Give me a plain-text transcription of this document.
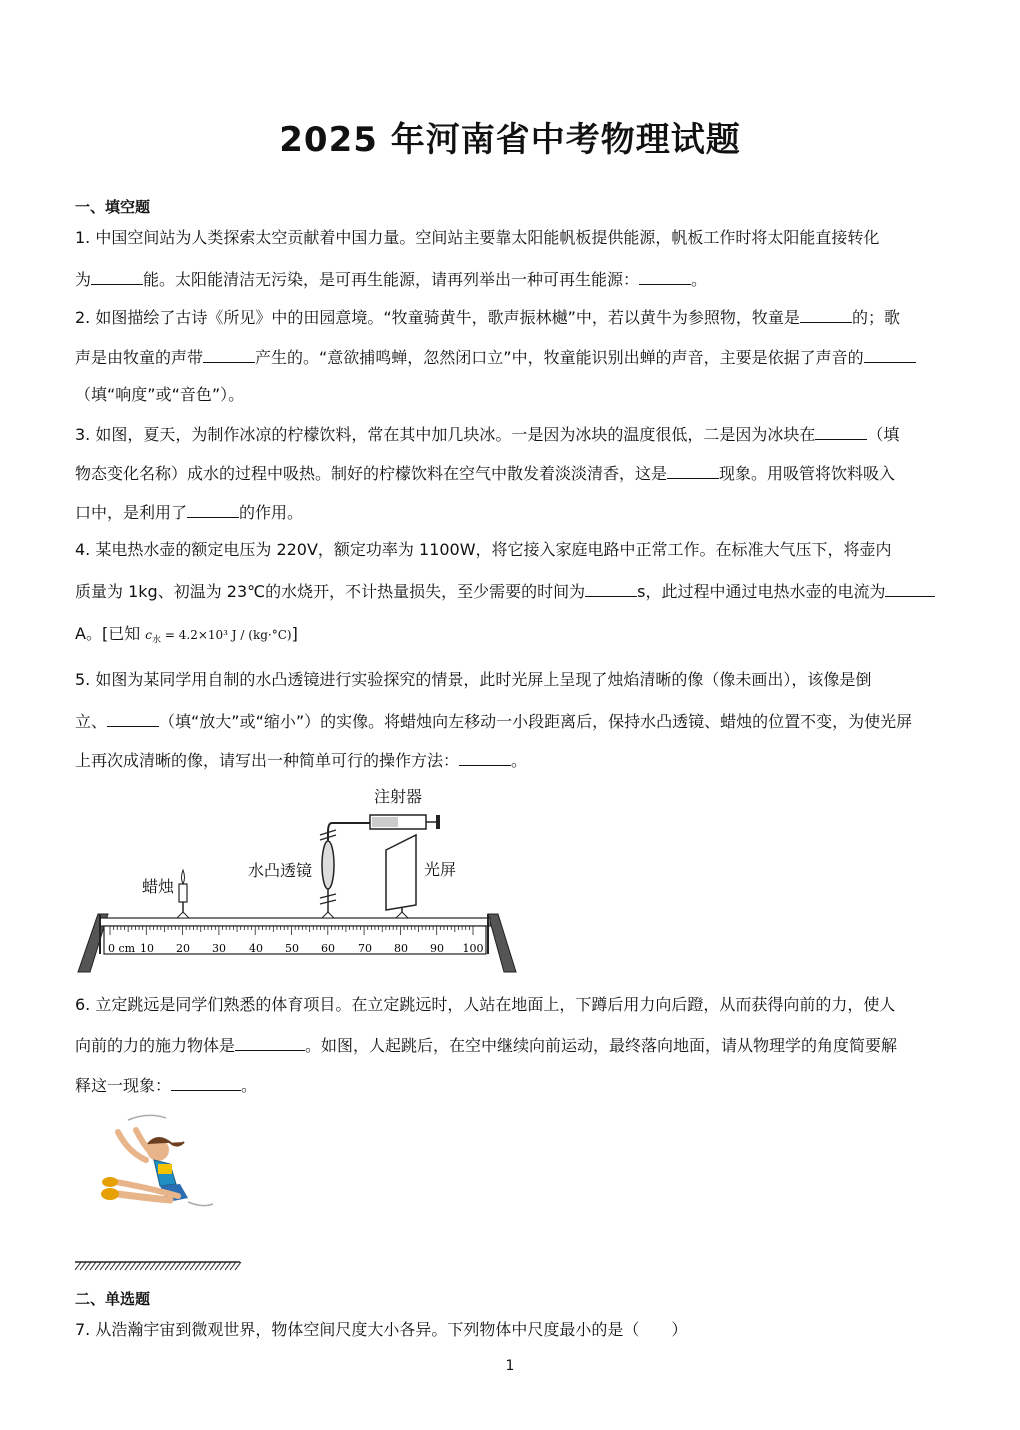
2025 年河南省中考物理试题
一、填空题
1. 中国空间站为人类探索太空贡献着中国力量。空间站主要靠太阳能帆板提供能源，帆板工作时将太阳能直接转化
为	能。太阳能清洁无污染，是可再生能源，请再列举出一种可再生能源：	。
2. 如图描绘了古诗《所见》中的田园意境。“牧童骑黄牛，歌声振林樾”中，若以黄牛为参照物，牧童是	的；歌
声是由牧童的声带	产生的。“意欲捕鸣蝉，忽然闭口立”中，牧童能识别出蝉的声音，主要是依据了声音的
（填“响度”或“音色”）。
3. 如图，夏天，为制作冰凉的柠檬饮料，常在其中加几块冰。一是因为冰块的温度很低，二是因为冰块在	（填
物态变化名称）成水的过程中吸热。制好的柠檬饮料在空气中散发着淡淡清香，这是	现象。用吸管将饮料吸入
口中，是利用了	的作用。
4. 某电热水壶的额定电压为 220V，额定功率为 1100W，将它接入家庭电路中正常工作。在标准大气压下，将壶内
质量为 1kg、初温为 23℃的水烧开，不计热量损失，至少需要的时间为	s，此过程中通过电热水壶的电流为
A。[已知 $c_水 = 4.2\times 10^3$ J / (kg·°C)]
5. 如图为某同学用自制的水凸透镜进行实验探究的情景，此时光屏上呈现了烛焰清晰的像（像未画出），该像是倒
立、	（填“放大”或“缩小”）的实像。将蜡烛向左移动一小段距离后，保持水凸透镜、蜡烛的位置不变，为使光屏
上再次成清晰的像，请写出一种简单可行的操作方法：	。
注射器
水凸透镜	光屏
蜡烛
0 cm 10 20 30 40 50 60 70 80 90 100
6. 立定跳远是同学们熟悉的体育项目。在立定跳远时，人站在地面上，下蹲后用力向后蹬，从而获得向前的力，使人
向前的力的施力物体是	。如图，人起跳后，在空中继续向前运动，最终落向地面，请从物理学的角度简要解
释这一现象：	。
二、单选题
7. 从浩瀚宇宙到微观世界，物体空间尺度大小各异。下列物体中尺度最小的是（　　）
1
